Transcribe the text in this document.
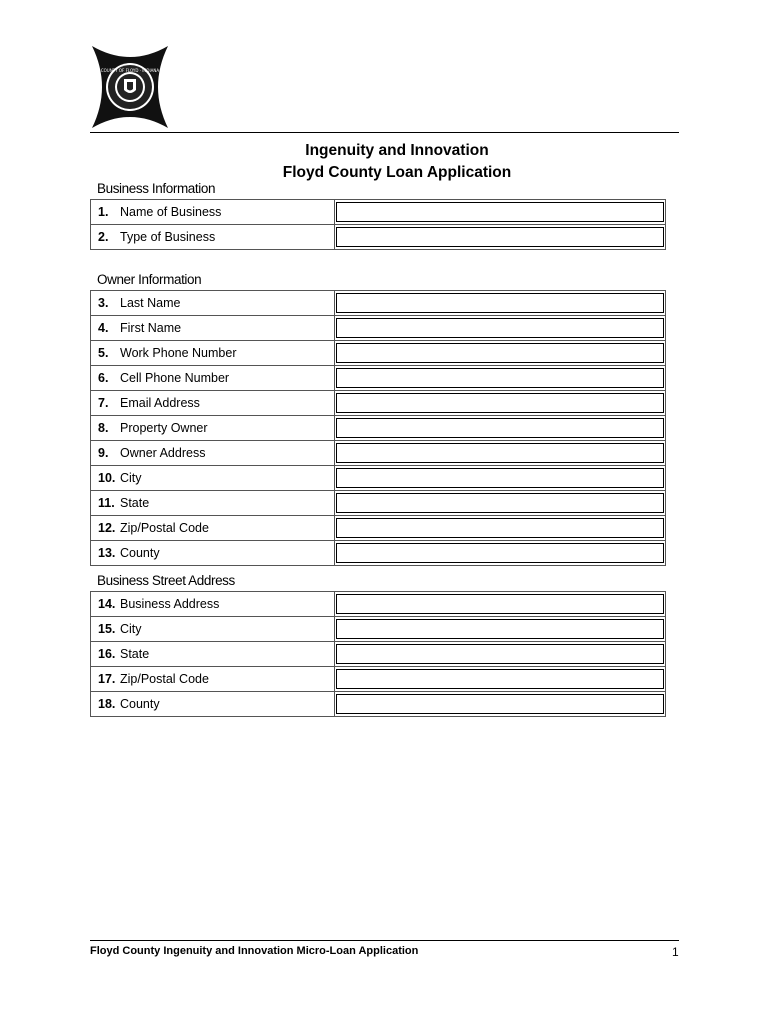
COUNTY OF FLOYD · INDIANA
Ingenuity and Innovation
Floyd County Loan Application
Business Information
1. Name of Business	

2. Type of Business	
Owner Information
3. Last Name	

4. First Name	

5. Work Phone Number	

6. Cell Phone Number	

7. Email Address	

8. Property Owner	

9. Owner Address	

10. City	

11. State	

12. Zip/Postal Code	

13. County	
Business Street Address
14. Business Address	

15. City	

16. State	

17. Zip/Postal Code	

18. County	
Floyd County Ingenuity and Innovation Micro-Loan Application	1
